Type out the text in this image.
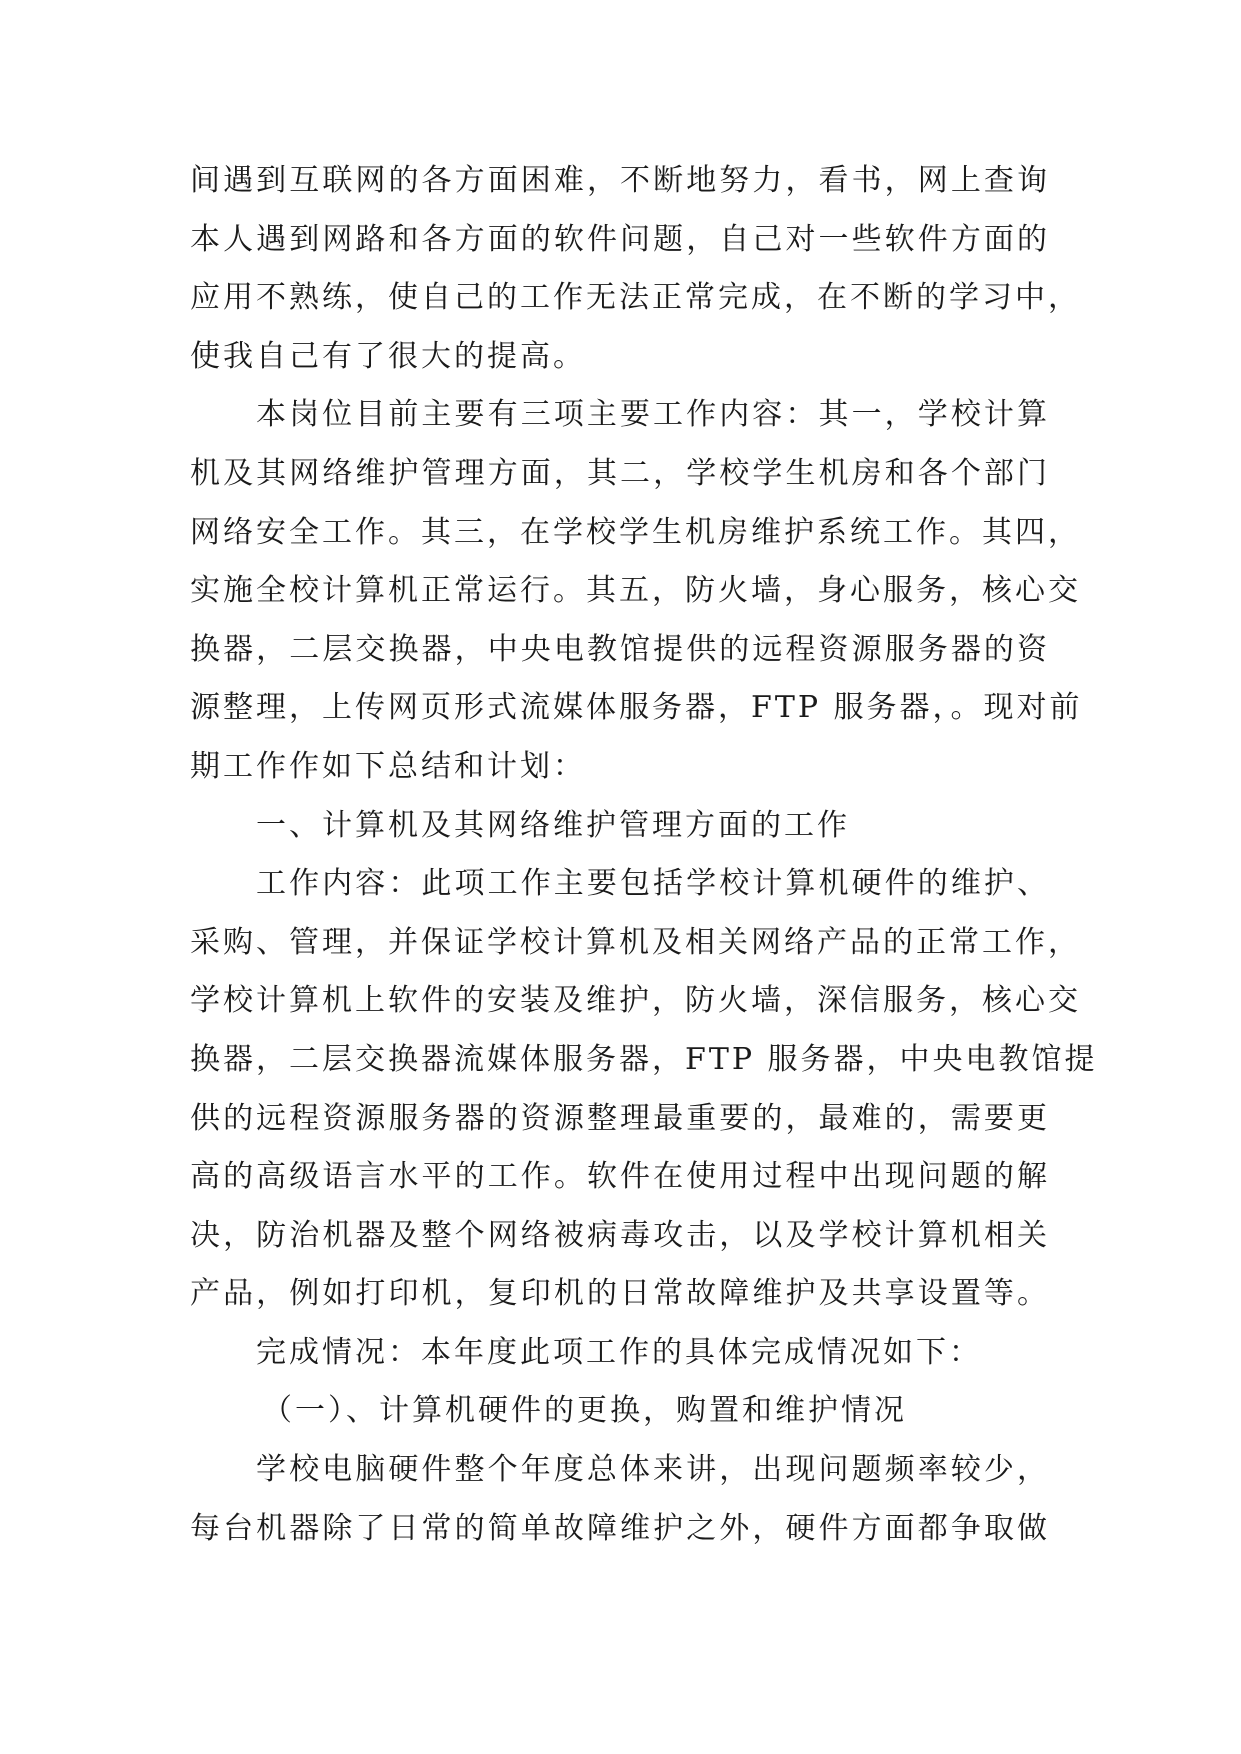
间遇到互联网的各方面困难，不断地努力，看书，网上查询
本人遇到网路和各方面的软件问题，自己对一些软件方面的
应用不熟练，使自己的工作无法正常完成，在不断的学习中，
使我自己有了很大的提高。
本岗位目前主要有三项主要工作内容：其一，学校计算
机及其网络维护管理方面，其二，学校学生机房和各个部门
网络安全工作。其三，在学校学生机房维护系统工作。其四，
实施全校计算机正常运行。其五，防火墙，身心服务，核心交
换器，二层交换器，中央电教馆提供的远程资源服务器的资
源整理，上传网页形式流媒体服务器，FTP 服务器，。现对前
期工作作如下总结和计划：
一、计算机及其网络维护管理方面的工作
工作内容：此项工作主要包括学校计算机硬件的维护、
采购、管理，并保证学校计算机及相关网络产品的正常工作，
学校计算机上软件的安装及维护，防火墙，深信服务，核心交
换器，二层交换器流媒体服务器，FTP 服务器，中央电教馆提
供的远程资源服务器的资源整理最重要的，最难的，需要更
高的高级语言水平的工作。软件在使用过程中出现问题的解
决，防治机器及整个网络被病毒攻击，以及学校计算机相关
产品，例如打印机，复印机的日常故障维护及共享设置等。
完成情况：本年度此项工作的具体完成情况如下：
（一）、计算机硬件的更换，购置和维护情况
学校电脑硬件整个年度总体来讲，出现问题频率较少，
每台机器除了日常的简单故障维护之外，硬件方面都争取做
